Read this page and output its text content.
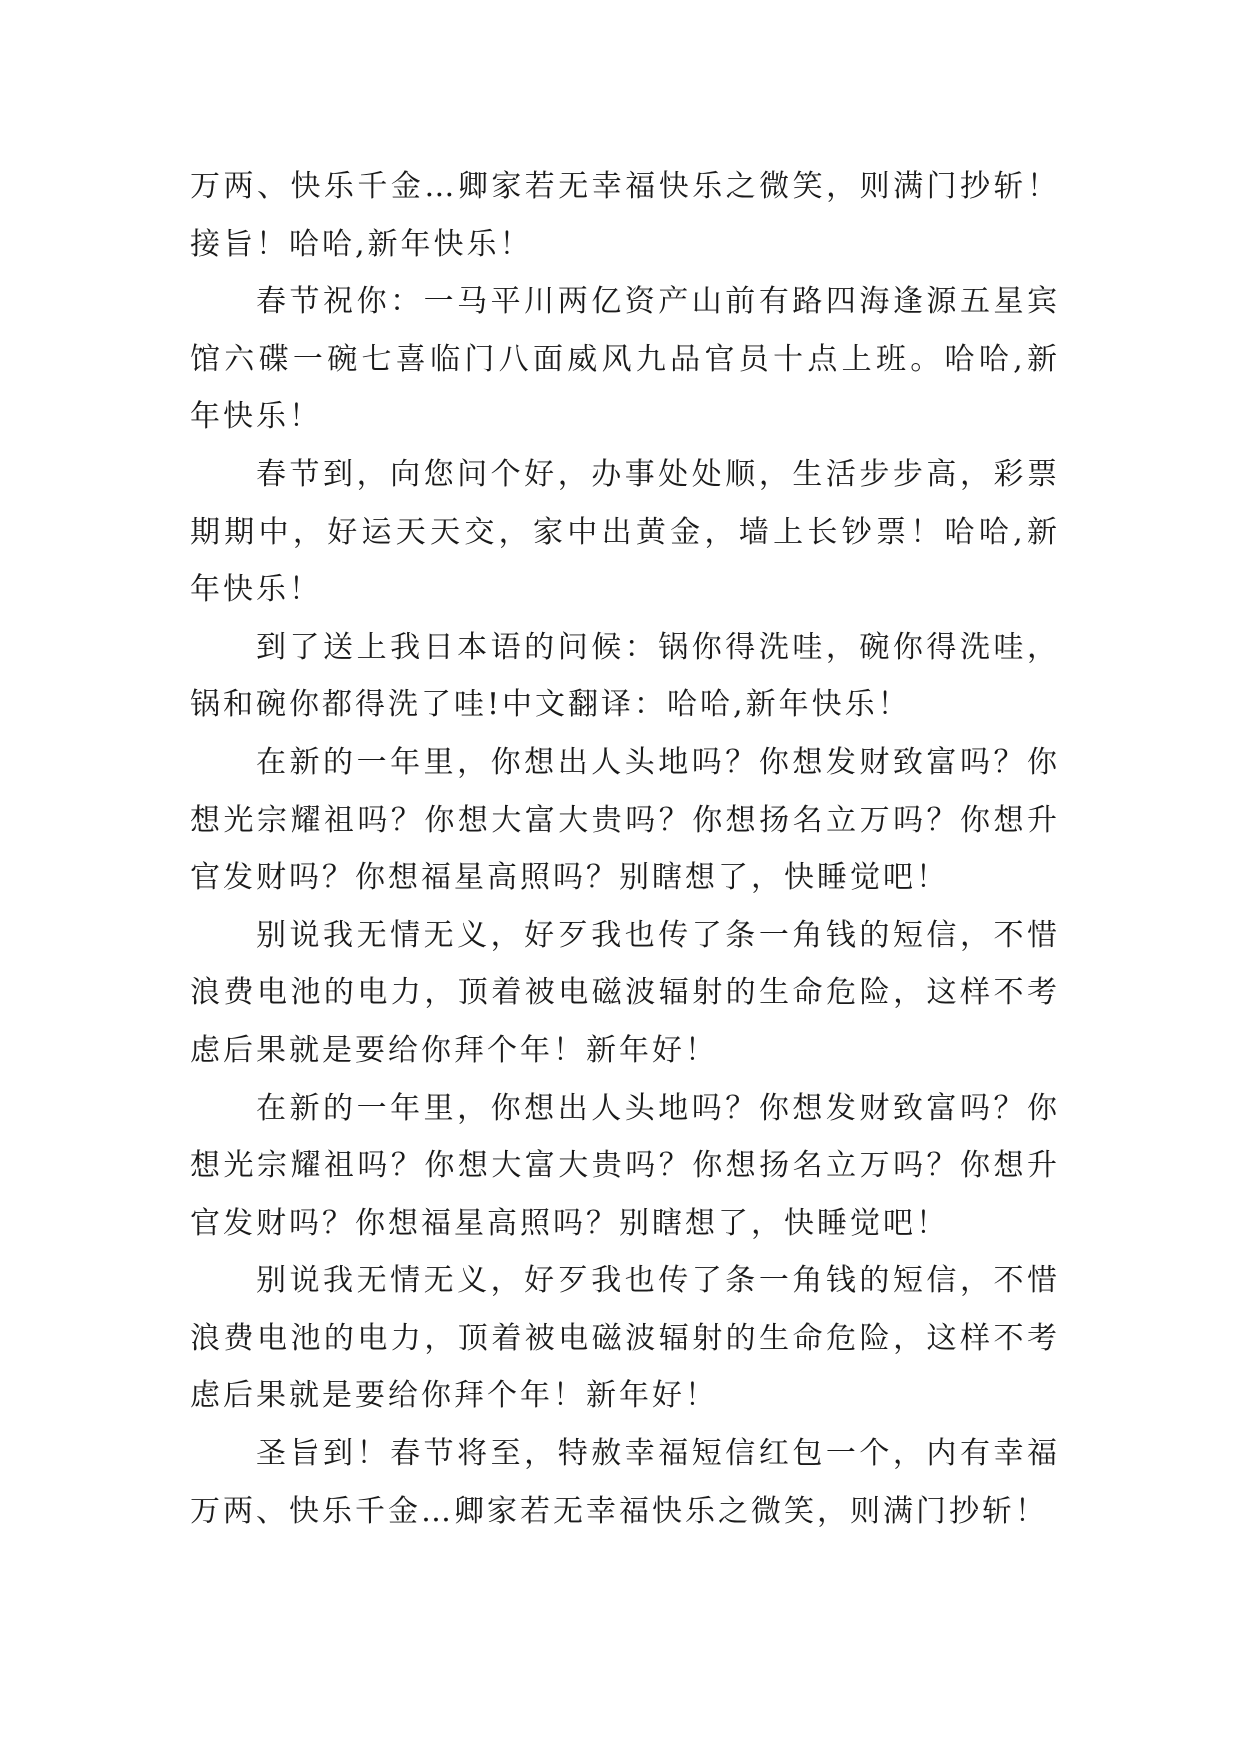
万两、快乐千金…卿家若无幸福快乐之微笑，则满门抄斩！接旨！哈哈,新年快乐！

春节祝你：一马平川两亿资产山前有路四海逢源五星宾馆六碟一碗七喜临门八面威风九品官员十点上班。哈哈,新年快乐！

春节到，向您问个好，办事处处顺，生活步步高，彩票期期中，好运天天交，家中出黄金，墙上长钞票！哈哈,新年快乐！

到了送上我日本语的问候：锅你得洗哇，碗你得洗哇，锅和碗你都得洗了哇!中文翻译：哈哈,新年快乐！

在新的一年里，你想出人头地吗？你想发财致富吗？你想光宗耀祖吗？你想大富大贵吗？你想扬名立万吗？你想升官发财吗？你想福星高照吗？别瞎想了，快睡觉吧！

别说我无情无义，好歹我也传了条一角钱的短信，不惜浪费电池的电力，顶着被电磁波辐射的生命危险，这样不考虑后果就是要给你拜个年！新年好！

在新的一年里，你想出人头地吗？你想发财致富吗？你想光宗耀祖吗？你想大富大贵吗？你想扬名立万吗？你想升官发财吗？你想福星高照吗？别瞎想了，快睡觉吧！

别说我无情无义，好歹我也传了条一角钱的短信，不惜浪费电池的电力，顶着被电磁波辐射的生命危险，这样不考虑后果就是要给你拜个年！新年好！

圣旨到！春节将至，特赦幸福短信红包一个，内有幸福万两、快乐千金…卿家若无幸福快乐之微笑，则满门抄斩！
